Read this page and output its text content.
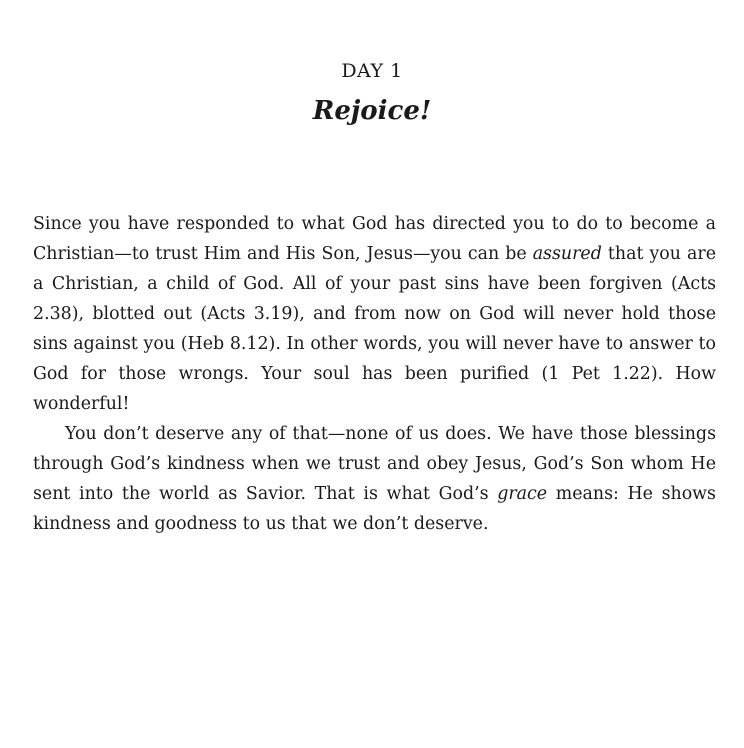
DAY 1
Rejoice!

Since you have responded to what God has directed you to do to become a Christian—to trust Him and His Son, Jesus—you can be assured that you are a Christian, a child of God. All of your past sins have been forgiven (Acts 2.38), blotted out (Acts 3.19), and from now on God will never hold those sins against you (Heb 8.12). In other words, you will never have to answer to God for those wrongs. Your soul has been purified (1 Pet 1.22). How wonderful!

You don’t deserve any of that—none of us does. We have those blessings through God’s kindness when we trust and obey Jesus, God’s Son whom He sent into the world as Savior. That is what God’s grace means: He shows kindness and goodness to us that we don’t deserve.
